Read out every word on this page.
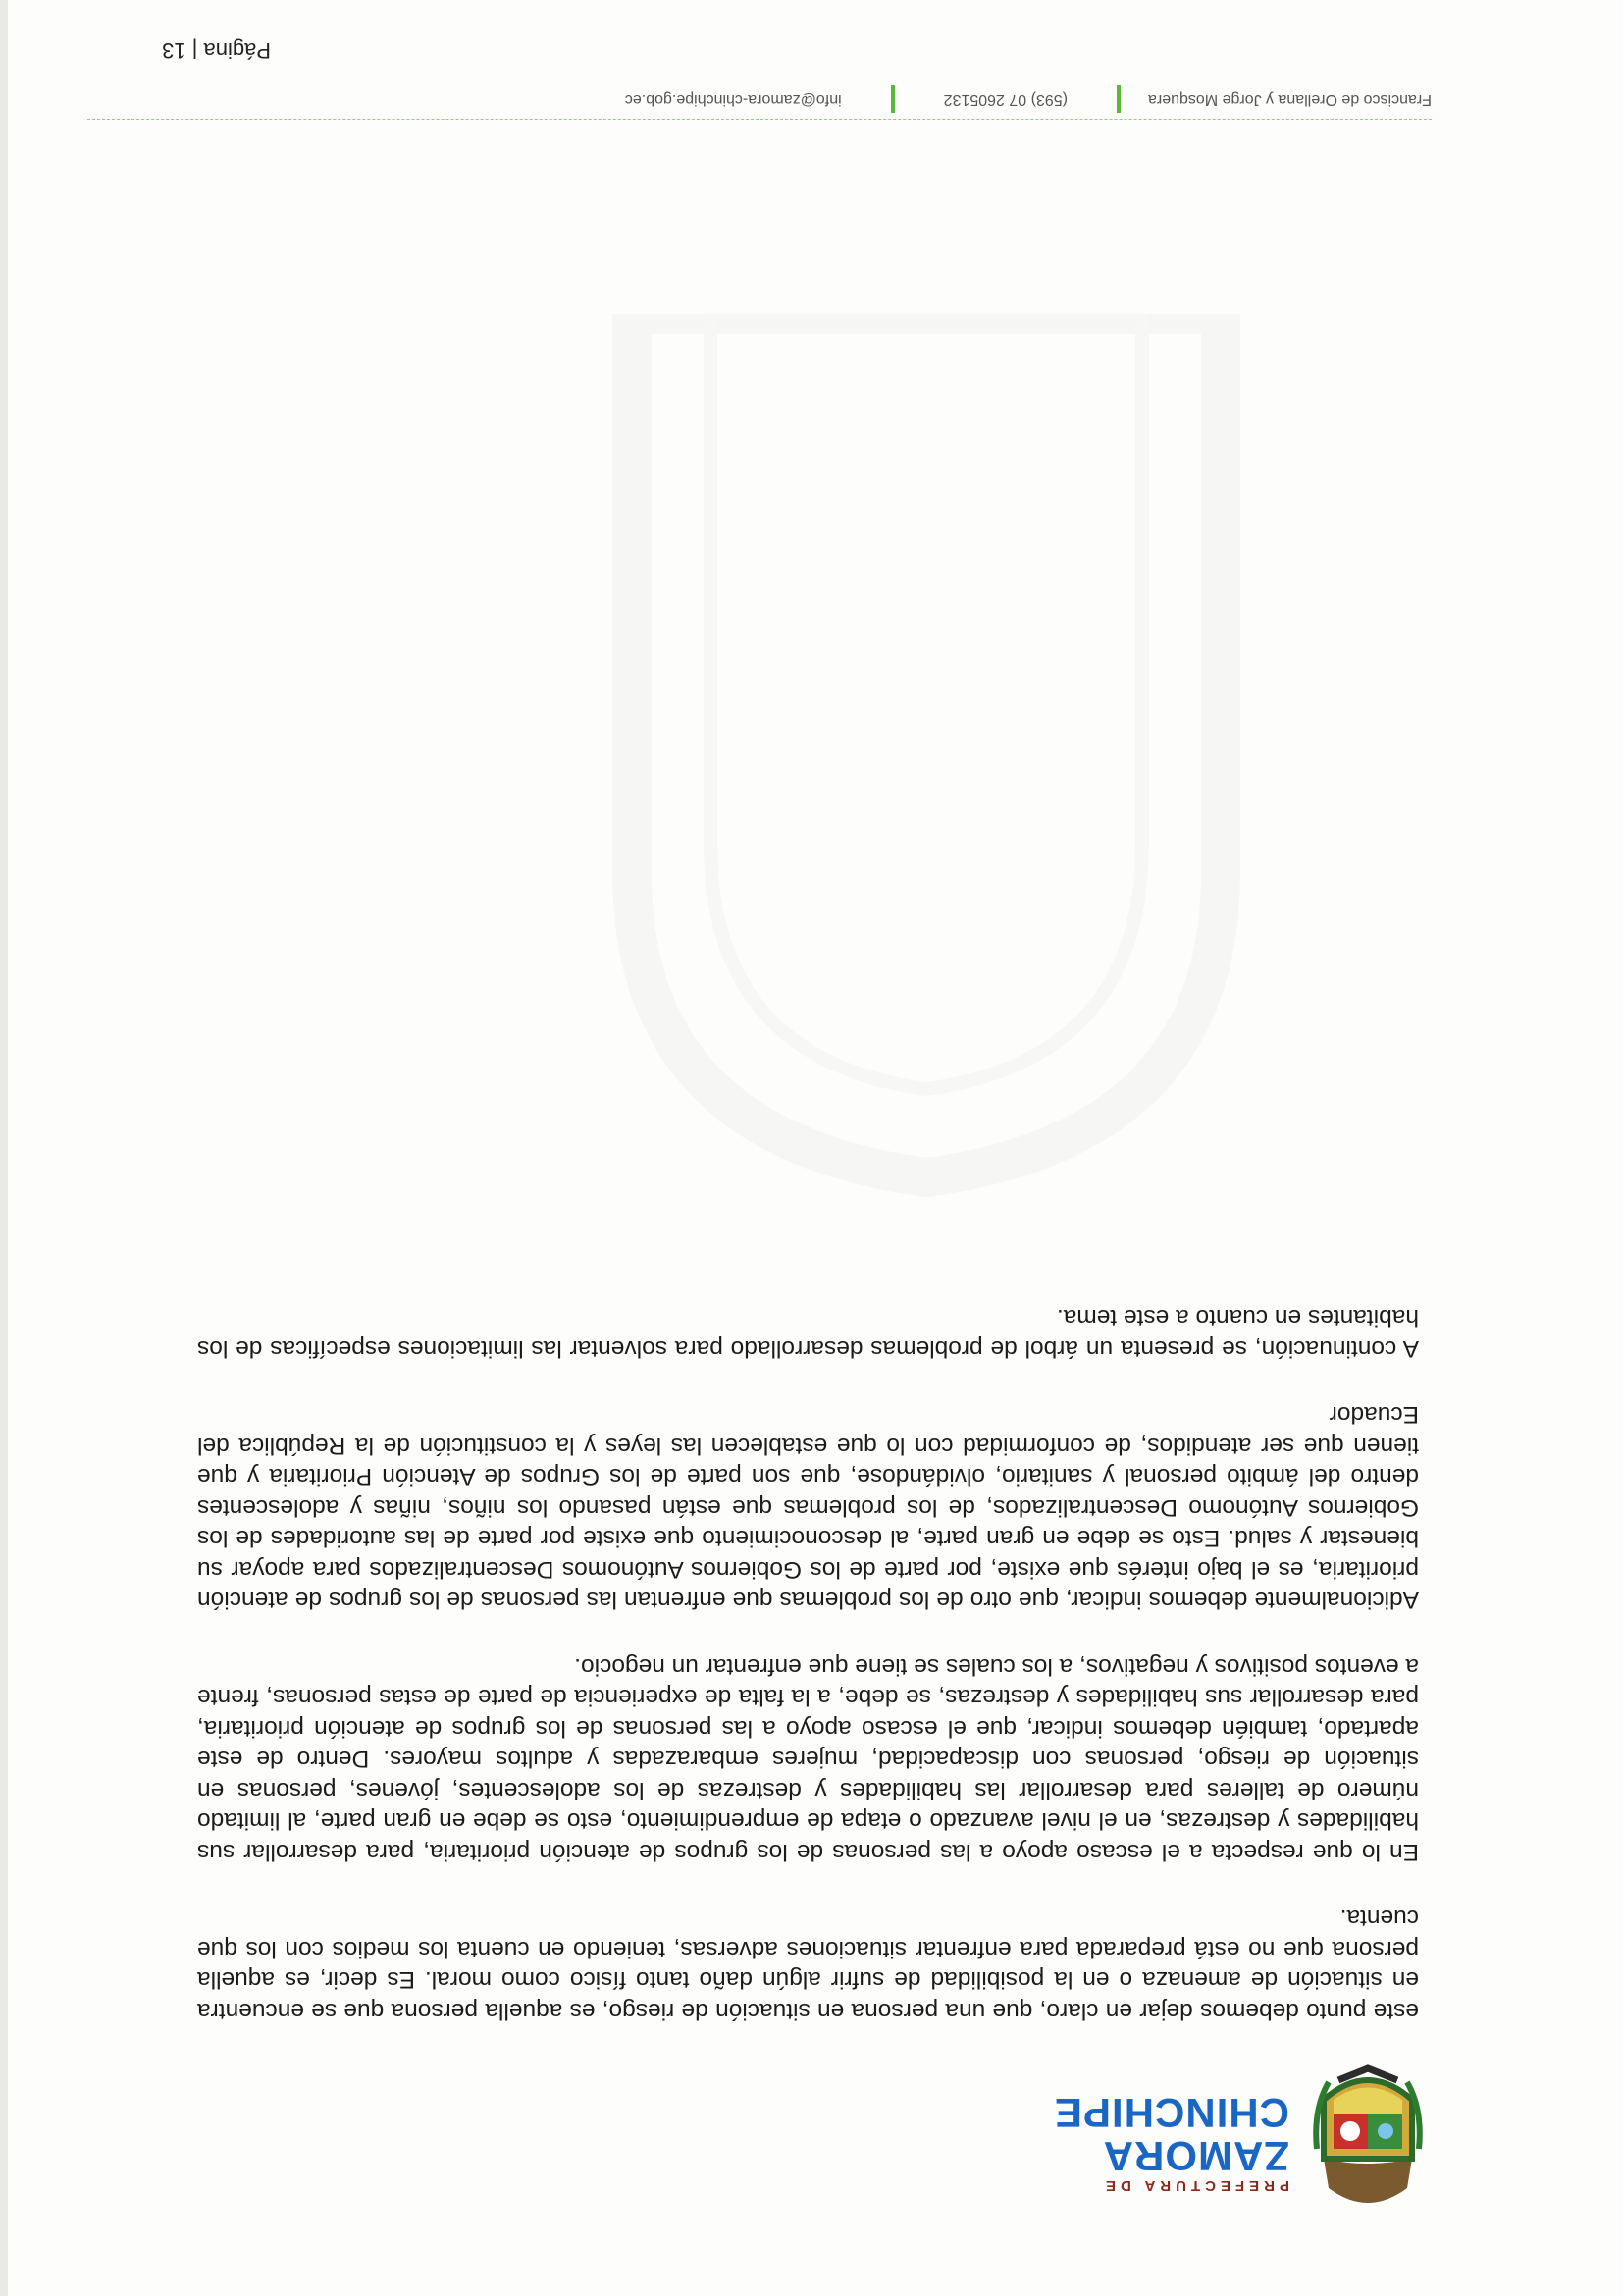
PREFECTURA DE
ZAMORA
CHINCHIPE

este punto debemos dejar en claro, que una persona en situación de riesgo, es aquella persona que se encuentra en situación de amenaza o en la posibilidad de sufrir algún daño tanto físico como moral. Es decir, es aquella persona que no está preparada para enfrentar situaciones adversas, teniendo en cuenta los medios con los que cuenta.

En lo que respecta a el escaso apoyo a las personas de los grupos de atención prioritaria, para desarrollar sus habilidades y destrezas, en el nivel avanzado o etapa de emprendimiento, esto se debe en gran parte, al limitado número de talleres para desarrollar las habilidades y destrezas de los adolescentes, jóvenes, personas en situación de riesgo, personas con discapacidad, mujeres embarazadas y adultos mayores. Dentro de este apartado, también debemos indicar, que el escaso apoyo a las personas de los grupos de atención prioritaria, para desarrollar sus habilidades y destrezas, se debe, a la falta de experiencia de parte de estas personas, frente a eventos positivos y negativos, a los cuales se tiene que enfrentar un negocio.

Adicionalmente debemos indicar, que otro de los problemas que enfrentan las personas de los grupos de atención prioritaria, es el bajo interés que existe, por parte de los Gobiernos Autónomos Descentralizados para apoyar su bienestar y salud. Esto se debe en gran parte, al desconocimiento que existe por parte de las autoridades de los Gobiernos Autónomo Descentralizados, de los problemas que están pasando los niños, niñas y adolescentes dentro del ámbito personal y sanitario, olvidándose, que son parte de los Grupos de Atención Prioritaria y que tienen que ser atendidos, de conformidad con lo que establecen las leyes y la constitución de la República del Ecuador

A continuación, se presenta un árbol de problemas desarrollado para solventar las limitaciones específicas de los habitantes en cuanto a este tema.

Francisco de Orellana y Jorge Mosquera
(593) 07 2605132
info@zamora-chinchipe.gob.ec
Página | 13
